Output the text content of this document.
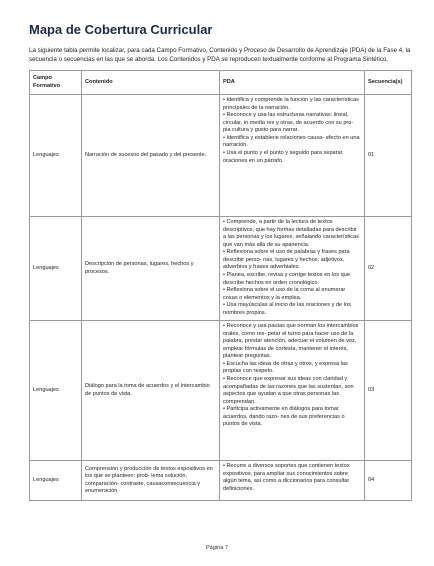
Mapa de Cobertura Curricular
La siguiente tabla permite localizar, para cada Campo Formativo, Contenido y Proceso de Desarrollo de Aprendizaje (PDA) de la Fase 4, la secuencia o secuencias en las que se aborda. Los Contenidos y PDA se reproducen textualmente conforme al Programa Sintético.
Campo Formativo	Contenido	PDA	Secuencia(s)
Lenguajes	Narración de sucesos del pasado y del presente.	• Identifica y comprende la función y las características principales de la narración.
• Reconoce y usa las estructuras narrativas: lineal, circular, in media res y otras, de acuerdo con su pro- pia cultura y gusto para narrar.
• Identifica y establece relaciones causa- efecto en una narración.
• Usa el punto y el punto y seguido para separar oraciones en un párrafo.	01
Lenguajes	Descripción de personas, lugares, hechos y procesos.	• Comprende, a partir de la lectura de textos descriptivos, que hay formas detalladas para describir a las personas y los lugares, señalando características que van más allá de su apariencia.
• Reflexiona sobre el uso de palabras y frases para describir perso- nas, lugares y hechos: adjetivos, adverbios y frases adverbiales.
• Planea, escribe, revisa y corrige textos en los que describe hechos en orden cronológico.
• Reflexiona sobre el uso de la coma al enumerar cosas o elementos y la emplea.
• Usa mayúsculas al inicio de las oraciones y de los nombres propios.	02
Lenguajes	Diálogo para la toma de acuerdos y el intercambio de puntos de vista.	• Reconoce y usa pautas que norman los intercambios orales, como res- petar el turno para hacer uso de la palabra, prestar atención, adecuar el volumen de voz, emplear fórmulas de cortesía, mantener el interés, plantear preguntas.
• Escucha las ideas de otras y otros, y expresa las propias con respeto.
• Reconoce que expresar sus ideas con claridad y acompañadas de las razones que las sustentan, son aspectos que ayudan a que otras personas las comprendan.
• Participa activamente en diálogos para tomar acuerdos, dando razo- nes de sus preferencias o puntos de vista.	03
Lenguajes	Comprensión y producción de textos expositivos en los que se planteen: prob- lema solución, comparación- contraste, causaconsecuencia y enumeración.	• Recurre a diversos soportes que contienen textos expositivos, para ampliar sus conocimientos sobre algún tema, así como a diccionarios para consultar definiciones.	04
Página 7
